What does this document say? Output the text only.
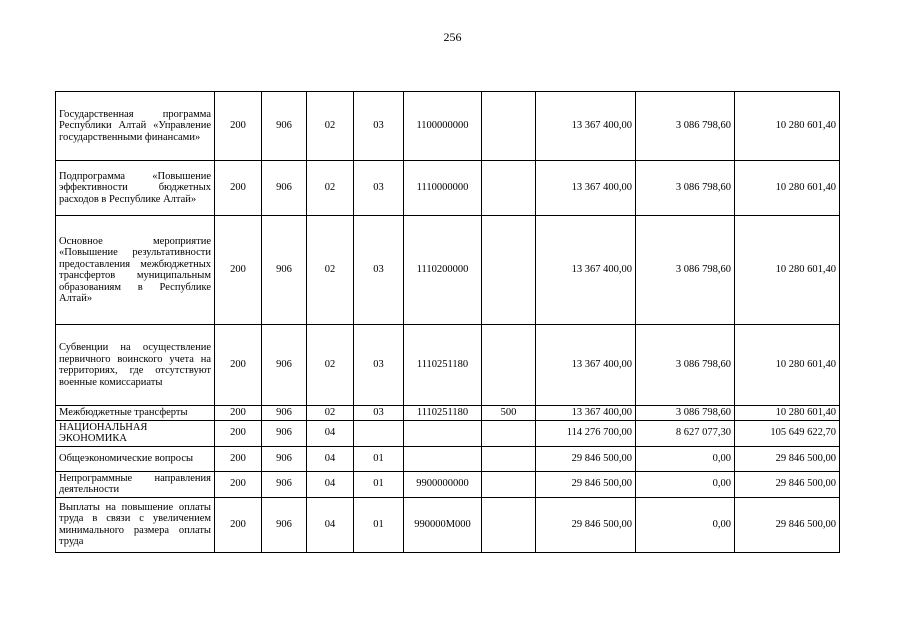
256
Государственная программа Республики Алтай «Управление государственными финансами»	200	906	02	03	1100000000		13 367 400,00	3 086 798,60	10 280 601,40
Подпрограмма «Повышение эффективности бюджетных расходов в Республике Алтай»	200	906	02	03	1110000000		13 367 400,00	3 086 798,60	10 280 601,40
Основное мероприятие «Повышение результативности предоставления межбюджетных трансфертов муниципальным образованиям в Республике Алтай»	200	906	02	03	1110200000		13 367 400,00	3 086 798,60	10 280 601,40
Субвенции на осуществление первичного воинского учета на территориях, где отсутствуют военные комиссариаты	200	906	02	03	1110251180		13 367 400,00	3 086 798,60	10 280 601,40
Межбюджетные трансферты	200	906	02	03	1110251180	500	13 367 400,00	3 086 798,60	10 280 601,40
НАЦИОНАЛЬНАЯ ЭКОНОМИКА	200	906	04				114 276 700,00	8 627 077,30	105 649 622,70
Общеэкономические вопросы	200	906	04	01			29 846 500,00	0,00	29 846 500,00
Непрограммные направления деятельности	200	906	04	01	9900000000		29 846 500,00	0,00	29 846 500,00
Выплаты на повышение оплаты труда в связи с увеличением минимального размера оплаты труда	200	906	04	01	990000М000		29 846 500,00	0,00	29 846 500,00
